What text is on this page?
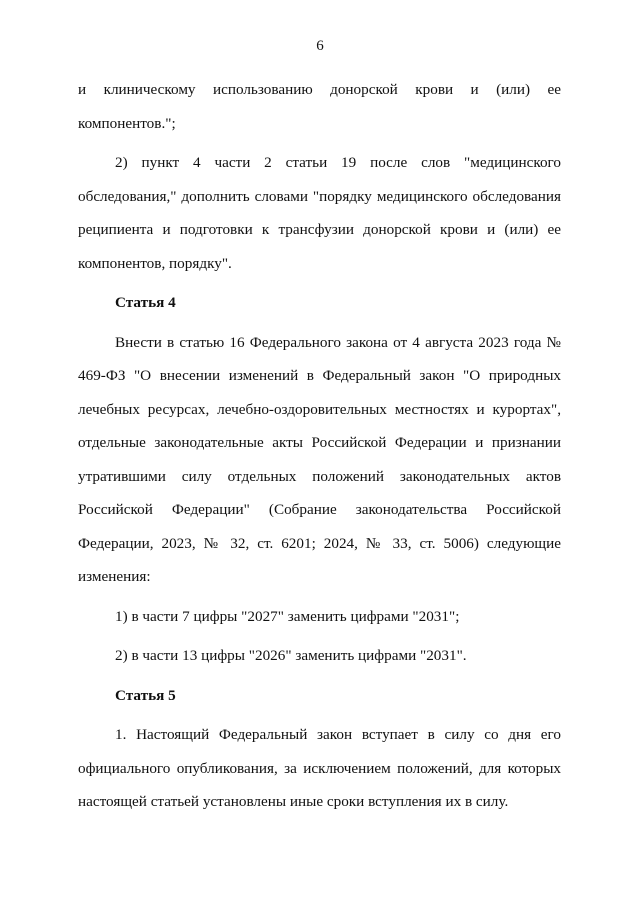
6

и клиническому использованию донорской крови и (или) ее компонентов.";

2) пункт 4 части 2 статьи 19 после слов "медицинского обследования," дополнить словами "порядку медицинского обследования реципиента и подготовки к трансфузии донорской крови и (или) ее компонентов, порядку".

Статья 4

Внести в статью 16 Федерального закона от 4 августа 2023 года № 469-ФЗ "О внесении изменений в Федеральный закон "О природных лечебных ресурсах, лечебно-оздоровительных местностях и курортах", отдельные законодательные акты Российской Федерации и признании утратившими силу отдельных положений законодательных актов Российской Федерации" (Собрание законодательства Российской Федерации, 2023, № 32, ст. 6201; 2024, № 33, ст. 5006) следующие изменения:

1) в части 7 цифры "2027" заменить цифрами "2031";

2) в части 13 цифры "2026" заменить цифрами "2031".

Статья 5

1. Настоящий Федеральный закон вступает в силу со дня его официального опубликования, за исключением положений, для которых настоящей статьей установлены иные сроки вступления их в силу.
